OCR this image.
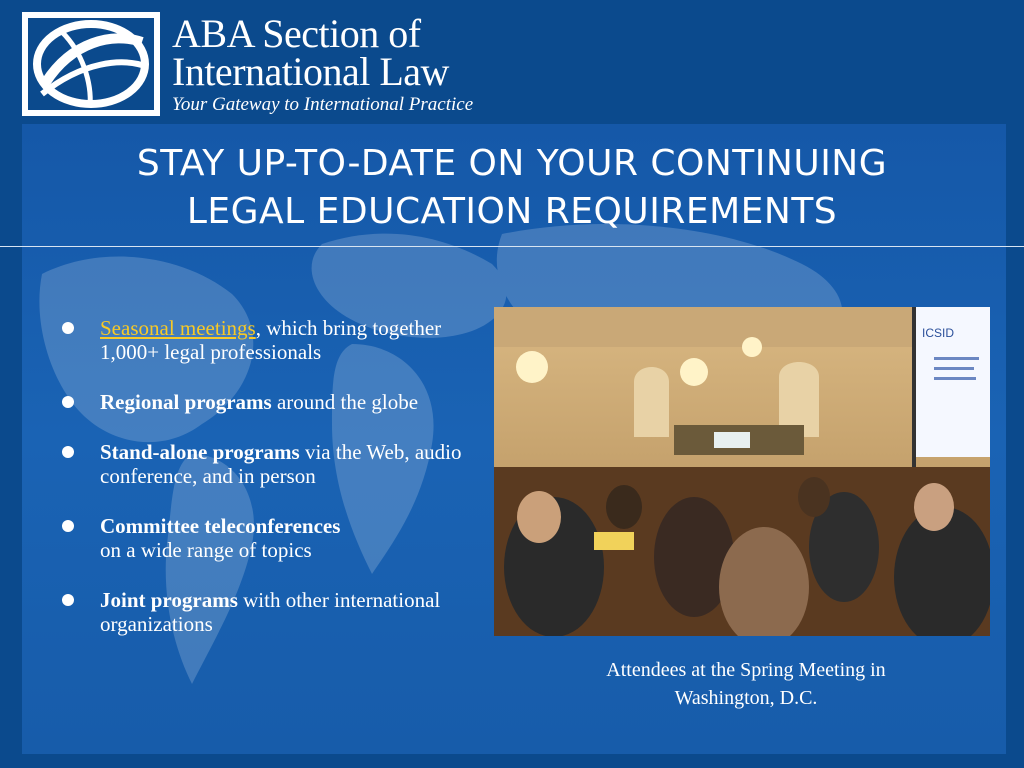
ABA Section of
International Law
Your Gateway to International Practice
STAY UP-TO-DATE ON YOUR CONTINUING
LEGAL EDUCATION REQUIREMENTS
Seasonal meetings, which bring together 1,000+ legal professionals
Regional programs around the globe
Stand-alone programs via the Web, audio conference, and in person
Committee teleconferences
on a wide range of topics
Joint programs with other international organizations
ICSID
Attendees at the Spring Meeting in
Washington, D.C.
